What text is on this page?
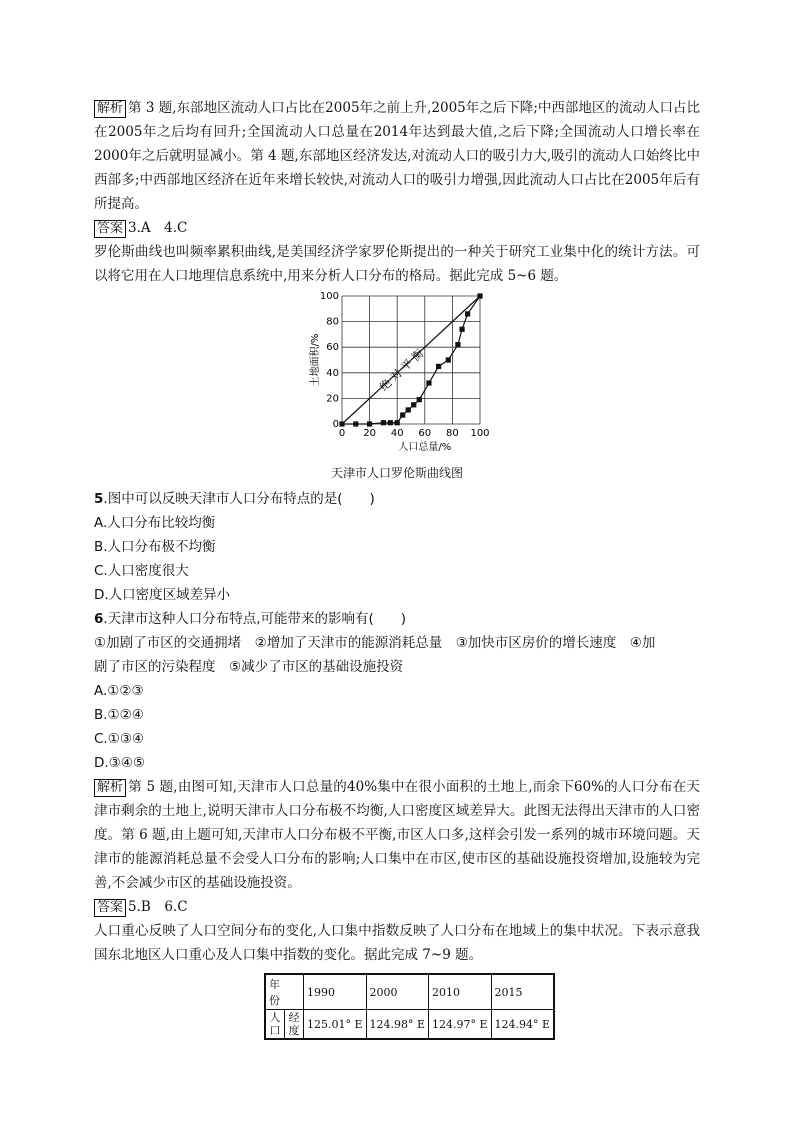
解析 第 3 题,东部地区流动人口占比在2005年之前上升,2005年之后下降;中西部地区的流动人口占比在2005年之后均有回升;全国流动人口总量在2014年达到最大值,之后下降;全国流动人口增长率在2000年之后就明显减小。第 4 题,东部地区经济发达,对流动人口的吸引力大,吸引的流动人口始终比中西部多;中西部地区经济在近年来增长较快,对流动人口的吸引力增强,因此流动人口占比在2005年后有所提高。

答案 3.A　4.C

罗伦斯曲线也叫频率累积曲线,是美国经济学家罗伦斯提出的一种关于研究工业集中化的统计方法。可以将它用在人口地理信息系统中,用来分析人口分布的格局。据此完成 5~6 题。

0 20 40 60 80 100
0
20
40
60
80
100
土地面积/%
人口总量/%
绝 对 平 衡

天津市人口罗伦斯曲线图

5.图中可以反映天津市人口分布特点的是(　　)

A.人口分布比较均衡

B.人口分布极不均衡

C.人口密度很大

D.人口密度区域差异小

6.天津市这种人口分布特点,可能带来的影响有(　　)

①加剧了市区的交通拥堵　②增加了天津市的能源消耗总量　③加快市区房价的增长速度　④加

剧了市区的污染程度　⑤减少了市区的基础设施投资

A.①②③

B.①②④

C.①③④

D.③④⑤

解析 第 5 题,由图可知,天津市人口总量的40%集中在很小面积的土地上,而余下60%的人口分布在天津市剩余的土地上,说明天津市人口分布极不均衡,人口密度区域差异大。此图无法得出天津市的人口密度。第 6 题,由上题可知,天津市人口分布极不平衡,市区人口多,这样会引发一系列的城市环境问题。天津市的能源消耗总量不会受人口分布的影响;人口集中在市区,使市区的基础设施投资增加,设施较为完善,不会减少市区的基础设施投资。

答案 5.B　6.C

人口重心反映了人口空间分布的变化,人口集中指数反映了人口分布在地域上的集中状况。下表示意我国东北地区人口重心及人口集中指数的变化。据此完成 7~9 题。

年　份		1990	2000	2010	2015
人口	经度	125.01° E	124.98° E	124.97° E	124.94° E
